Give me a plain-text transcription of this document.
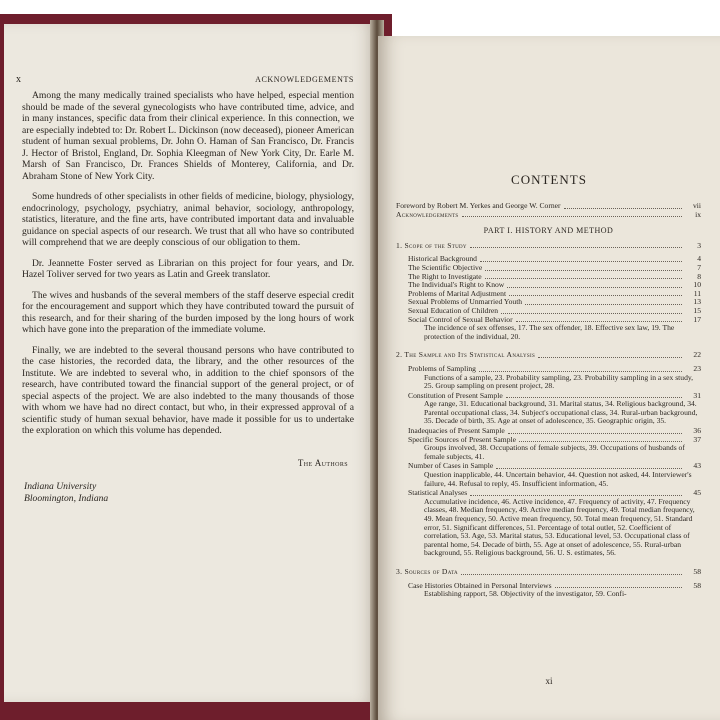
x	ACKNOWLEDGEMENTS

Among the many medically trained specialists who have helped, especial mention should be made of the several gynecologists who have contributed time, advice, and in many instances, specific data from their clinical experience. In this connection, we are especially indebted to: Dr. Robert L. Dickinson (now deceased), pioneer American student of human sexual problems, Dr. John O. Haman of San Francisco, Dr. Francis J. Hector of Bristol, England, Dr. Sophia Kleegman of New York City, Dr. Earle M. Marsh of San Francisco, Dr. Frances Shields of Monterey, California, and Dr. Abraham Stone of New York City.

Some hundreds of other specialists in other fields of medicine, biology, physiology, endocrinology, psychology, psychiatry, animal behavior, sociology, anthropology, statistics, literature, and the fine arts, have contributed important data and invaluable guidance on special aspects of our research. We trust that all who have so contributed will comprehend that we are deeply conscious of our obligation to them.

Dr. Jeannette Foster served as Librarian on this project for four years, and Dr. Hazel Toliver served for two years as Latin and Greek translator.

The wives and husbands of the several members of the staff deserve especial credit for the encouragement and support which they have contributed toward the pursuit of this research, and for their sharing of the burden imposed by the long hours of work which have gone into the preparation of the immediate volume.

Finally, we are indebted to the several thousand persons who have contributed to the case histories, the recorded data, the library, and the other resources of the Institute. We are indebted to several who, in addition to the chief sponsors of the research, have contributed toward the financial support of the general project, or of special aspects of the project. We are also indebted to the many thousands of those with whom we have had no direct contact, but who, in their expressed approval of a scientific study of human sexual behavior, have made it possible for us to undertake the exploration on which this volume has depended.

The Authors
Indiana University
Bloomington, Indiana
CONTENTS
Foreword by Robert M. Yerkes and George W. Corner	vii
Acknowledgements	ix
PART I. HISTORY AND METHOD
1. Scope of the Study	3
Historical Background	4
The Scientific Objective	7
The Right to Investigate	8
The Individual's Right to Know	10
Problems of Marital Adjustment	11
Sexual Problems of Unmarried Youth	13
Sexual Education of Children	15
Social Control of Sexual Behavior	17
The incidence of sex offenses, 17. The sex offender, 18. Effective sex law, 19. The protection of the individual, 20.
2. The Sample and Its Statistical Analysis	22
Problems of Sampling	23
Functions of a sample, 23. Probability sampling, 23. Probability sampling in a sex study, 25. Group sampling on present project, 28.
Constitution of Present Sample	31
Age range, 31. Educational background, 31. Marital status, 34. Religious background, 34. Parental occupational class, 34. Subject's occupational class, 34. Rural-urban background, 35. Decade of birth, 35. Age at onset of adolescence, 35. Geographic origin, 35.
Inadequacies of Present Sample	36
Specific Sources of Present Sample	37
Groups involved, 38. Occupations of female subjects, 39. Occupations of husbands of female subjects, 41.
Number of Cases in Sample	43
Question inapplicable, 44. Uncertain behavior, 44. Question not asked, 44. Interviewer's failure, 44. Refusal to reply, 45. Insufficient information, 45.
Statistical Analyses	45
Accumulative incidence, 46. Active incidence, 47. Frequency of activity, 47. Frequency classes, 48. Median frequency, 49. Active median frequency, 49. Total median frequency, 49. Mean frequency, 50. Active mean frequency, 50. Total mean frequency, 51. Standard error, 51. Significant differences, 51. Percentage of total outlet, 52. Coefficient of correlation, 53. Age, 53. Marital status, 53. Educational level, 53. Occupational class of parental home, 54. Decade of birth, 55. Age at onset of adolescence, 55. Rural-urban background, 55. Religious background, 56. U. S. estimates, 56.
3. Sources of Data	58
Case Histories Obtained in Personal Interviews	58
Establishing rapport, 58. Objectivity of the investigator, 59. Confi-
xi
